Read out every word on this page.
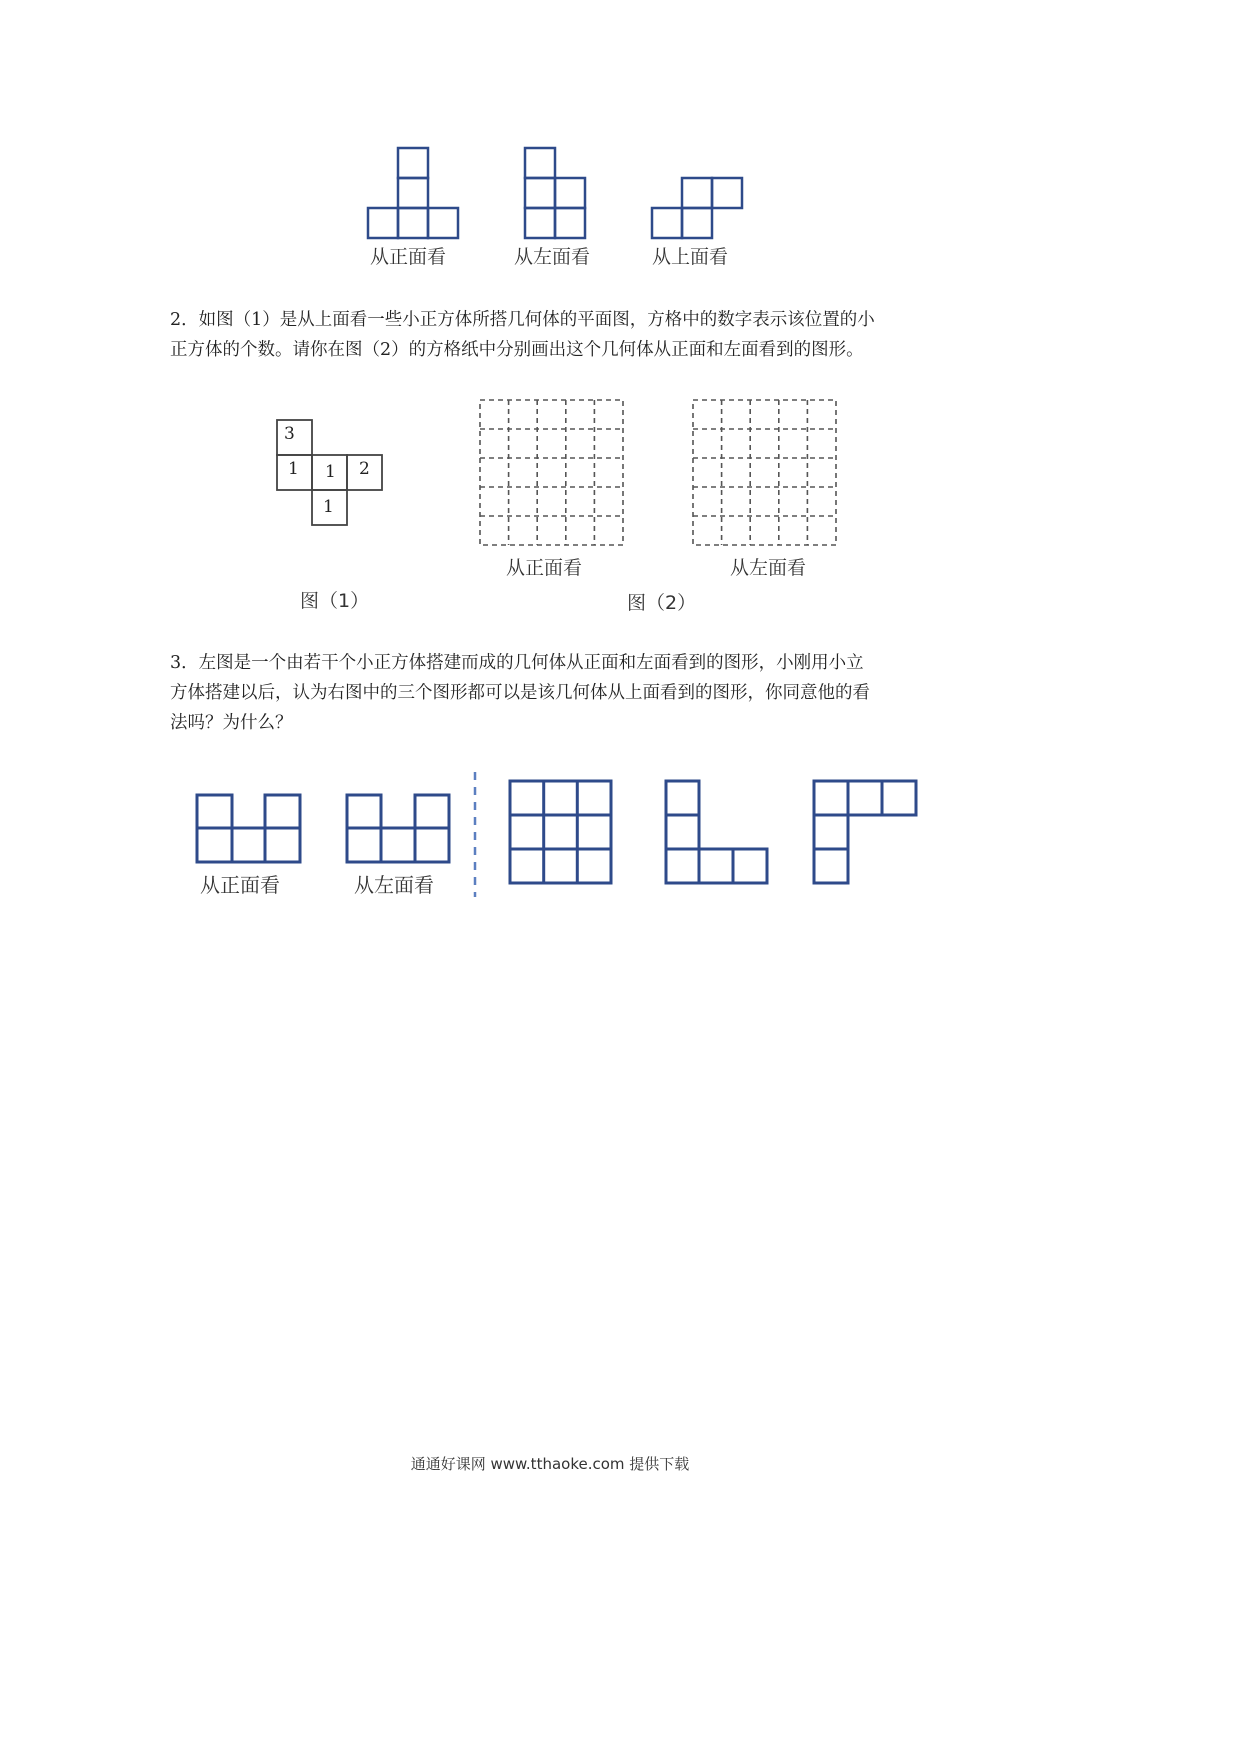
从正面看	从左面看	从上面看
2．如图（1）是从上面看一些小正方体所搭几何体的平面图，方格中的数字表示该位置的小
正方体的个数。请你在图（2）的方格纸中分别画出这个几何体从正面和左面看到的图形。
3
1 1 2
1
图（1）
从正面看	从左面看
图（2）
3．左图是一个由若干个小正方体搭建而成的几何体从正面和左面看到的图形，小刚用小立
方体搭建以后，认为右图中的三个图形都可以是该几何体从上面看到的图形，你同意他的看
法吗？为什么？
从正面看	从左面看
通通好课网 www.tthaoke.com 提供下载
